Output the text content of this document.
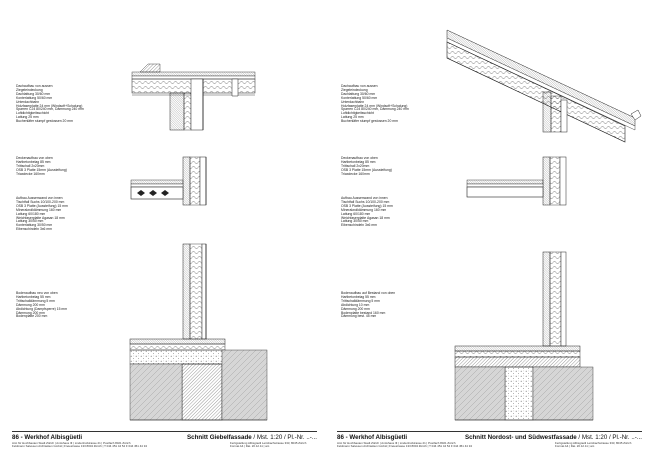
Dachaufbau von aussen
Ziegeleindeckung
Dachlattung 30/60 mm
Konterlattung 50/60 mm
Unterdachbahn
Holzfaserplatte 24 mm (Windsoft+Schalung)
Sparren C24 80/240 mm, Dämmung 240 mm
Luftdichtigkeitsschicht
Lattung 25 mm
Buchenläfer stumpf gestossen 20 mm
Deckenaufbau von oben
Hartbetonbelag 85 mm
Trittschall 2x20mm
OSB 3 Platte 15mm (Aussteifung)
Triaxdecke 160mm
Aufbau Aussenwand von innen
Tischtfall Suchs 10/100-200 mm
OSB 3 Platte (Aussteifung) 15 mm
Mineralwolldämmung 160 mm
Lattung 60/180 mm
Weichfaserplatte Agasan 18 mm
Lattung 30/50 mm
Konterlattung 30/50 mm
Eibenschindeln 3x6 mm
Bodenaufbau neu von oben
Hartbetonbelag 55 mm
Trittschalldämmung 5 mm
Dämmung 200 mm
Abdichtung (Dampfsperre) 15 mm
Dämmung 200 mm
Bodenplatte 200 mm
86 - Werkhof Albisgüetli	Schnitt Giebelfassade / Mst. 1:20 / Pl.-Nr. ..-...
Amt für Hochbauten Stadt Zürich | Amtshaus III | Lindenhofstrasse 21 | Postfach 8021 Zürich
Feldmann Salvesen Architekten GmbH | Freiestrasse 133 8004 Zürich | T 044 451 44 54 F 044 451 44 34
Fertigstellung Albisgüetli Leimbachstrasse 333, 8045 Zürich
Format A4 | Dat. 20.12.11 | arc.
Dachaufbau von aussen
Ziegeleindeckung
Dachlattung 30/60 mm
Konterlattung 50/60 mm
Unterdachbahn
Holzfaserplatte 24 mm (Windsoft+Schalung)
Sparren C24 80/240 mm, Dämmung 240 mm
Luftdichtigkeitsschicht
Lattung 25 mm
Buchenläfer stumpf gestossen 20 mm
Deckenaufbau von oben
Hartbetonbelag 85 mm
Trittschall 2x20mm
OSB 3 Platte 15mm (Aussteifung)
Triaxdecke 160mm
Aufbau Aussenwand von innen
Tischtfall Suchs 10/100-200 mm
OSB 3 Platte (Aussteifung) 15 mm
Mineralwolldämmung 160 mm
Lattung 60/180 mm
Weichfaserplatte Agasan 18 mm
Lattung 30/50 mm
Eibenschindeln 3x6 mm
Bodenaufbau auf Bestand von oben
Hartbetonbelag 55 mm
Trittschalldämmung 5 mm
Abdichtung 10 mm
Dämmung 200 mm
Bodenplatte bestand 160 mm
Dämmung best. 45 mm
86 - Werkhof Albisgüetli	Schnitt Nordost- und Südwestfassade / Mst. 1:20 / Pl.-Nr. ..-...
Amt für Hochbauten Stadt Zürich | Amtshaus III | Lindenhofstrasse 21 | Postfach 8021 Zürich
Feldmann Salvesen Architekten GmbH | Freiestrasse 133 8004 Zürich | T 044 451 44 54 F 044 451 44 34
Fertigstellung Albisgüetli Leimbachstrasse 333, 8045 Zürich
Format A4 | Dat. 20.12.11 | arc.
